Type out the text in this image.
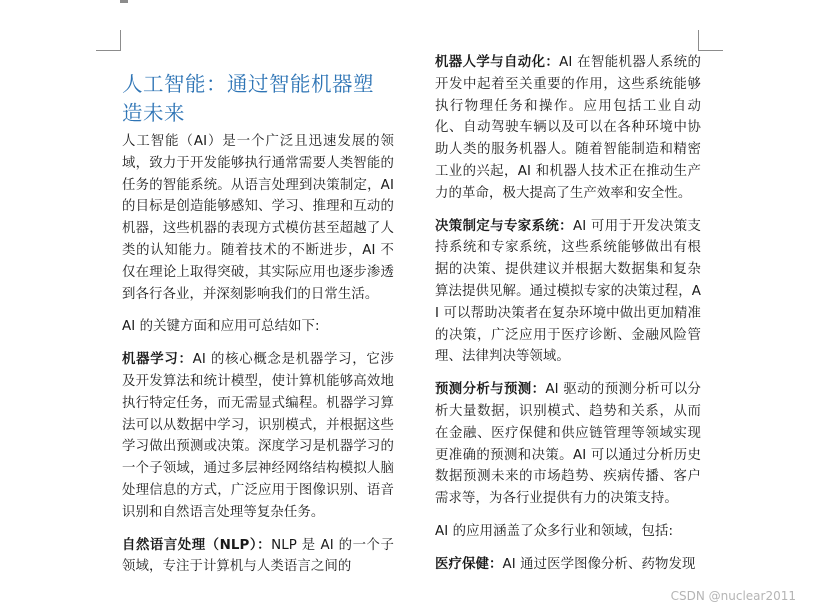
人工智能：通过智能机器塑造未来

人工智能（AI）是一个广泛且迅速发展的领域，致力于开发能够执行通常需要人类智能的任务的智能系统。从语言处理到决策制定，AI 的目标是创造能够感知、学习、推理和互动的机器，这些机器的表现方式模仿甚至超越了人类的认知能力。随着技术的不断进步，AI 不仅在理论上取得突破，其实际应用也逐步渗透到各行各业，并深刻影响我们的日常生活。

AI 的关键方面和应用可总结如下:

机器学习：AI 的核心概念是机器学习，它涉及开发算法和统计模型，使计算机能够高效地执行特定任务，而无需显式编程。机器学习算法可以从数据中学习，识别模式，并根据这些学习做出预测或决策。深度学习是机器学习的一个子领域，通过多层神经网络结构模拟人脑处理信息的方式，广泛应用于图像识别、语音识别和自然语言处理等复杂任务。

自然语言处理（NLP）：NLP 是 AI 的一个子领域，专注于计算机与人类语言之间的

机器人学与自动化：AI 在智能机器人系统的开发中起着至关重要的作用，这些系统能够执行物理任务和操作。应用包括工业自动化、自动驾驶车辆以及可以在各种环境中协助人类的服务机器人。随着智能制造和精密工业的兴起，AI 和机器人技术正在推动生产力的革命，极大提高了生产效率和安全性。

决策制定与专家系统：AI 可用于开发决策支持系统和专家系统，这些系统能够做出有根据的决策、提供建议并根据大数据集和复杂算法提供见解。通过模拟专家的决策过程，AI 可以帮助决策者在复杂环境中做出更加精准的决策，广泛应用于医疗诊断、金融风险管理、法律判决等领域。

预测分析与预测：AI 驱动的预测分析可以分析大量数据，识别模式、趋势和关系，从而在金融、医疗保健和供应链管理等领域实现更准确的预测和决策。AI 可以通过分析历史数据预测未来的市场趋势、疾病传播、客户需求等，为各行业提供有力的决策支持。

AI 的应用涵盖了众多行业和领域，包括:

医疗保健：AI 通过医学图像分析、药物发现

CSDN @nuclear2011
